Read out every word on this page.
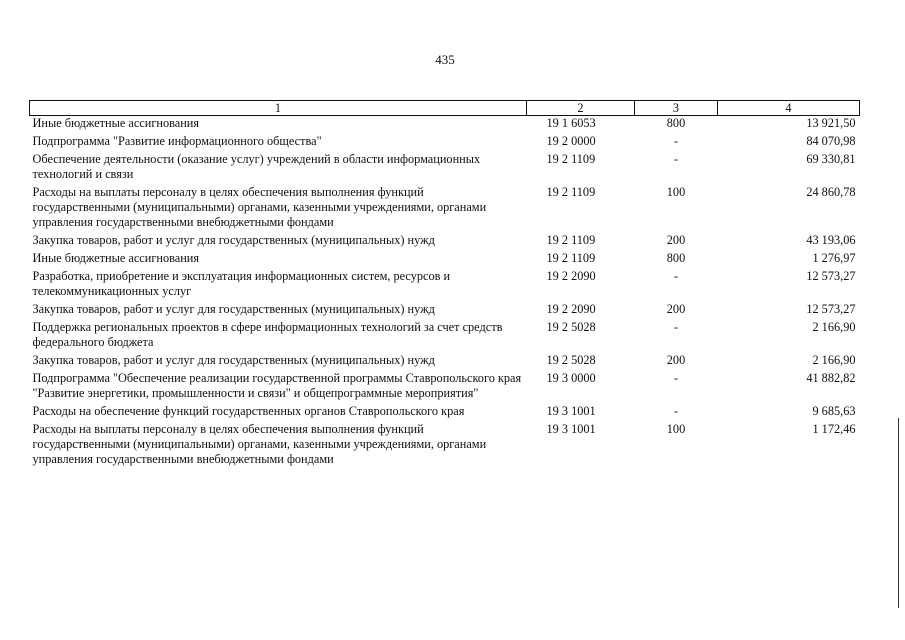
435
1	2	3	4
Иные бюджетные ассигнования	19 1 6053	800	13 921,50
Подпрограмма "Развитие информационного общества"	19 2 0000	-	84 070,98
Обеспечение деятельности (оказание услуг) учреждений в области информационных технологий и связи	19 2 1109	-	69 330,81
Расходы на выплаты персоналу в целях обеспечения выполнения функций государственными (муниципальными) органами, казенными учреждениями, органами управления государственными внебюджетными фондами	19 2 1109	100	24 860,78
Закупка товаров, работ и услуг для государственных (муниципальных) нужд	19 2 1109	200	43 193,06
Иные бюджетные ассигнования	19 2 1109	800	1 276,97
Разработка, приобретение и эксплуатация информационных систем, ресурсов и телекоммуникационных услуг	19 2 2090	-	12 573,27
Закупка товаров, работ и услуг для государственных (муниципальных) нужд	19 2 2090	200	12 573,27
Поддержка региональных проектов в сфере информационных технологий за счет средств федерального бюджета	19 2 5028	-	2 166,90
Закупка товаров, работ и услуг для государственных (муниципальных) нужд	19 2 5028	200	2 166,90
Подпрограмма "Обеспечение реализации государственной программы Ставропольского края "Развитие энергетики, промышленности и связи" и общепрограммные мероприятия"	19 3 0000	-	41 882,82
Расходы на обеспечение функций государственных органов Ставропольского края	19 3 1001	-	9 685,63
Расходы на выплаты персоналу в целях обеспечения выполнения функций государственными (муниципальными) органами, казенными учреждениями, органами управления государственными внебюджетными фондами	19 3 1001	100	1 172,46
